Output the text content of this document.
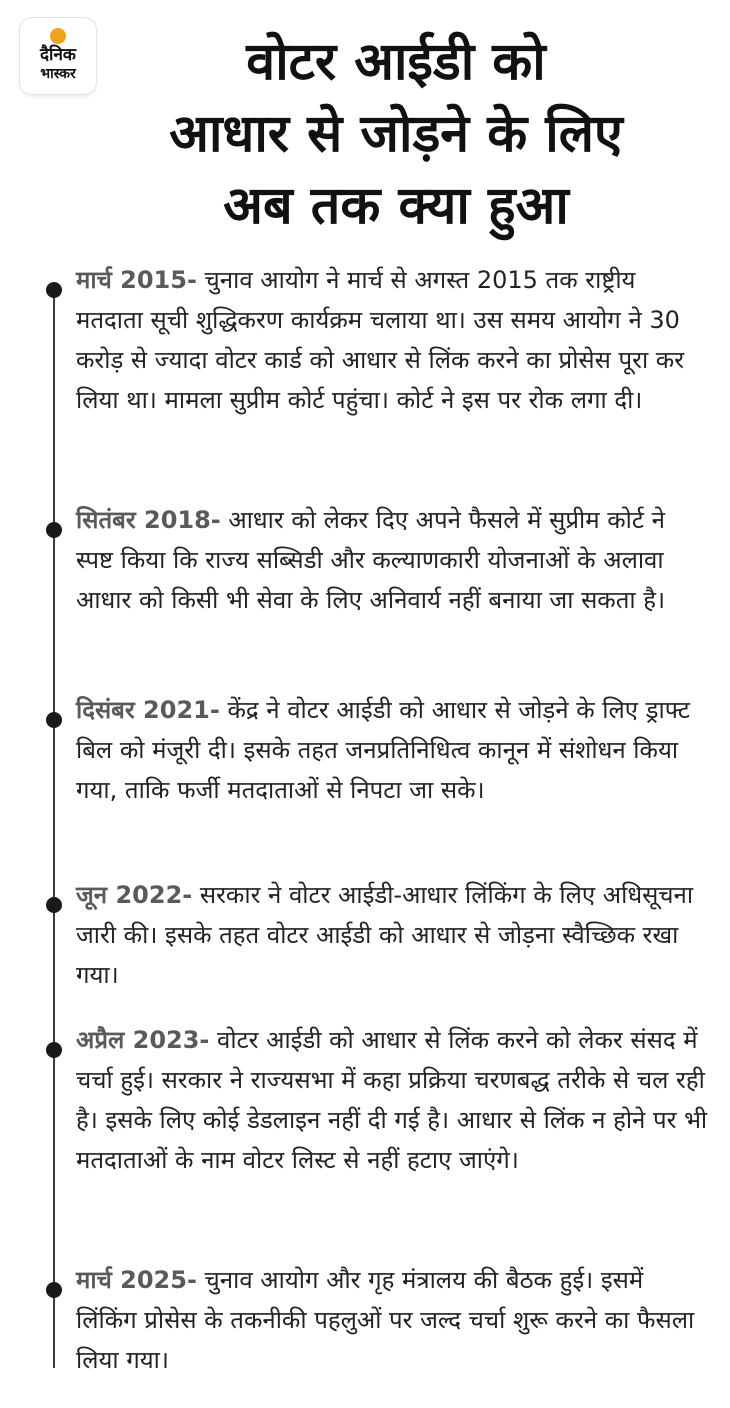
दैनिक
भास्कर	वोटर आईडी को
आधार से जोड़ने के लिए
अब तक क्या हुआ

मार्च 2015- चुनाव आयोग ने मार्च से अगस्त 2015 तक राष्ट्रीय मतदाता सूची शुद्धिकरण कार्यक्रम चलाया था। उस समय आयोग ने 30 करोड़ से ज्यादा वोटर कार्ड को आधार से लिंक करने का प्रोसेस पूरा कर लिया था। मामला सुप्रीम कोर्ट पहुंचा। कोर्ट ने इस पर रोक लगा दी।

सितंबर 2018- आधार को लेकर दिए अपने फैसले में सुप्रीम कोर्ट ने स्पष्ट किया कि राज्य सब्सिडी और कल्याणकारी योजनाओं के अलावा आधार को किसी भी सेवा के लिए अनिवार्य नहीं बनाया जा सकता है।

दिसंबर 2021- केंद्र ने वोटर आईडी को आधार से जोड़ने के लिए ड्राफ्ट बिल को मंजूरी दी। इसके तहत जनप्रतिनिधित्व कानून में संशोधन किया गया, ताकि फर्जी मतदाताओं से निपटा जा सके।

जून 2022- सरकार ने वोटर आईडी-आधार लिंकिंग के लिए अधिसूचना जारी की। इसके तहत वोटर आईडी को आधार से जोड़ना स्वैच्छिक रखा गया।

अप्रैल 2023- वोटर आईडी को आधार से लिंक करने को लेकर संसद में चर्चा हुई। सरकार ने राज्यसभा में कहा प्रक्रिया चरणबद्ध तरीके से चल रही है। इसके लिए कोई डेडलाइन नहीं दी गई है। आधार से लिंक न होने पर भी मतदाताओं के नाम वोटर लिस्ट से नहीं हटाए जाएंगे।

मार्च 2025- चुनाव आयोग और गृह मंत्रालय की बैठक हुई। इसमें लिंकिंग प्रोसेस के तकनीकी पहलुओं पर जल्द चर्चा शुरू करने का फैसला लिया गया।
